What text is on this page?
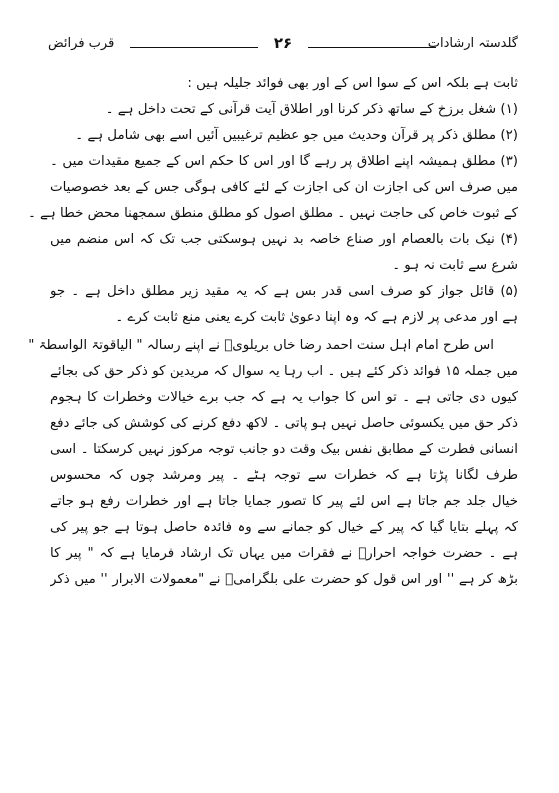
گلدستہ ارشادات
۲۶
قرب فرائض
ثابت ہے بلکہ اس کے سوا اس کے اور بھی فوائد جلیلہ ہیں :
(۱) شغل برزخ کے ساتھ ذکر کرنا اور اطلاق آیت قرآنی کے تحت داخل ہے ۔
(۲) مطلق ذکر پر قرآن وحدیث میں جو عظیم ترغیبیں آئیں اسے بھی شامل ہے ۔
(۳) مطلق ہمیشہ اپنے اطلاق پر رہے گا اور اس کا حکم اس کے جمیع مقیدات میں ۔
میں صرف اس کی اجازت ان کی اجازت کے لئے کافی ہوگی جس کے بعد خصوصیات
کے ثبوت خاص کی حاجت نہیں ۔ مطلق اصول کو مطلق منطق سمجھنا محض خطا ہے ۔
(۴) نیک بات بالعصام اور صناع خاصہ بد نہیں ہوسکتی جب تک کہ اس منضم میں
شرع سے ثابت نہ ہو ۔
(۵) قائل جواز کو صرف اسی قدر بس ہے کہ یہ مقید زیر مطلق داخل ہے ۔ جو
ہے اور مدعی پر لازم ہے کہ وہ اپنا دعویٰ ثابت کرے یعنی منع ثابت کرے ۔
اس طرح امام اہل سنت احمد رضا خاں بریلویؒ نے اپنے رسالہ " الیاقوتۃ الواسطۃ "
میں جملہ ۱۵ فوائد ذکر کئے ہیں ۔ اب رہا یہ سوال کہ مریدین کو ذکر حق کی بجائے
کیوں دی جاتی ہے ۔ تو اس کا جواب یہ ہے کہ جب برے خیالات وخطرات کا ہجوم
ذکر حق میں یکسوئی حاصل نہیں ہو پاتی ۔ لاکھ دفع کرنے کی کوشش کی جائے دفع
انسانی فطرت کے مطابق نفس بیک وقت دو جانب توجہ مرکوز نہیں کرسکتا ۔ اسی
طرف لگانا پڑتا ہے کہ خطرات سے توجہ ہٹے ۔ پیر ومرشد چوں کہ محسوس
خیال جلد جم جاتا ہے اس لئے پیر کا تصور جمایا جاتا ہے اور خطرات رفع ہو جاتے
کہ پہلے بتایا گیا کہ پیر کے خیال کو جمانے سے وہ فائدہ حاصل ہوتا ہے جو پیر کی
ہے ۔ حضرت خواجہ احرارؒ نے فقرات میں یہاں تک ارشاد فرمایا ہے کہ " پیر کا
بڑھ کر ہے '' اور اس قول کو حضرت علی بلگرامیؒ نے "معمولات الابرار '' میں ذکر
